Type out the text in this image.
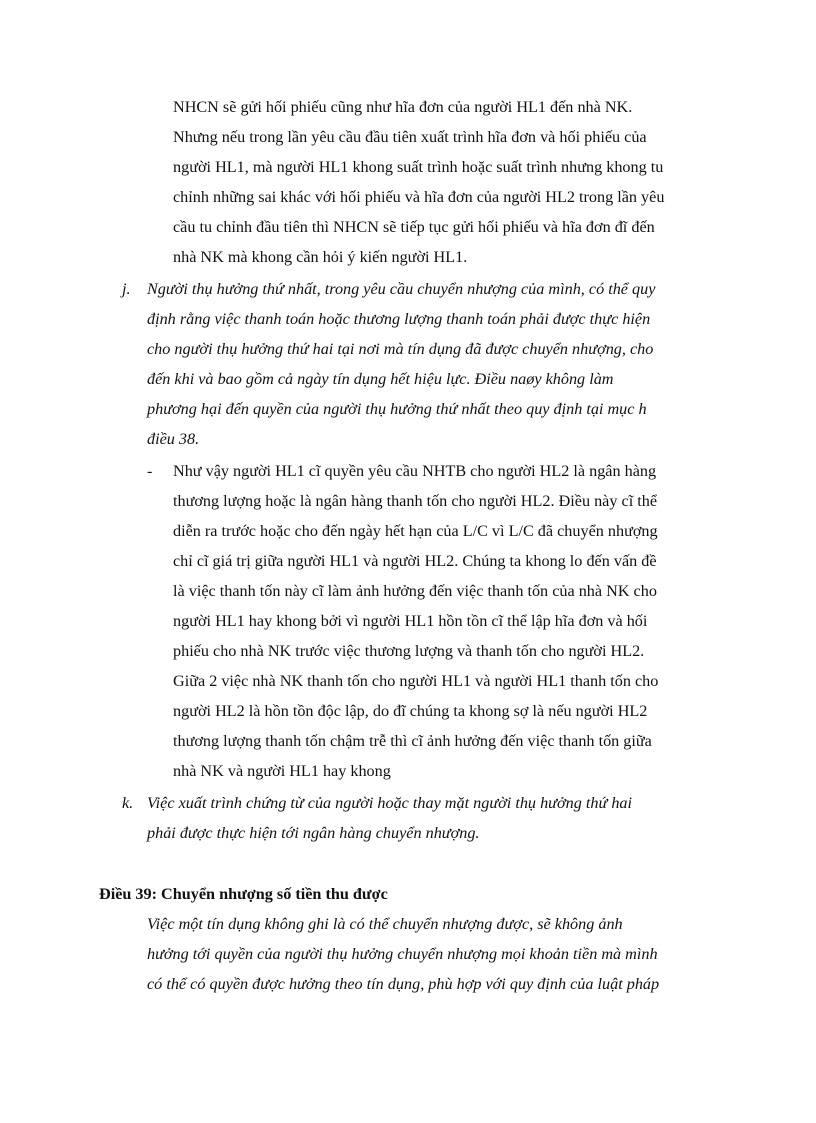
NHCN sẽ gửi hối phiếu cũng như hĩa đơn của người HL1 đến nhà NK.
Nhưng nếu trong lần yêu cầu đầu tiên xuất trình hĩa đơn và hối phiếu của
người HL1, mà người HL1 khong suất trình hoặc suất trình nhưng khong tu
chỉnh những sai khác với hối phiếu và hĩa đơn của người HL2 trong lần yêu
cầu tu chỉnh đầu tiên thì NHCN sẽ tiếp tục gửi hối phiếu và hĩa đơn đĩ đến
nhà NK mà khong cần hỏi ý kiến người HL1.
j. Người thụ hưởng thứ nhất, trong yêu cầu chuyển nhượng của mình, có thể quy
định rằng việc thanh toán hoặc thương lượng thanh toán phải được thực hiện
cho người thụ hưởng thứ hai tại nơi mà tín dụng đã được chuyển nhượng, cho
đến khi và bao gồm cả ngày tín dụng hết hiệu lực. Điều naøy không làm
phương hại đến quyền của người thụ hưởng thứ nhất theo quy định tại mục h
điều 38.
- Như vậy người HL1 cĩ quyền yêu cầu NHTB cho người HL2 là ngân hàng
thương lượng hoặc là ngân hàng thanh tốn cho người HL2. Điều này cĩ thể
diễn ra trước hoặc cho đến ngày hết hạn của L/C vì L/C đã chuyển nhượng
chỉ cĩ giá trị giữa người HL1 và người HL2. Chúng ta khong lo đến vấn đề
là việc thanh tốn này cĩ làm ảnh hưởng đến việc thanh tốn của nhà NK cho
người HL1 hay khong bởi vì người HL1 hồn tồn cĩ thể lập hĩa đơn và hối
phiếu cho nhà NK trước việc thương lượng và thanh tốn cho người HL2.
Giữa 2 việc nhà NK thanh tốn cho người HL1 và người HL1 thanh tốn cho
người HL2 là hồn tồn độc lập, do đĩ chúng ta khong sợ là nếu người HL2
thương lượng thanh tốn chậm trễ thì cĩ ảnh hưởng đến việc thanh tốn giữa
nhà NK và người HL1 hay khong
k. Việc xuất trình chứng từ của người hoặc thay mặt người thụ hưởng thứ hai
phải được thực hiện tới ngân hàng chuyển nhượng.
Điều 39: Chuyển nhượng số tiền thu được
Việc một tín dụng không ghi là có thể chuyển nhượng được, sẽ không ảnh
hưởng tới quyền của người thụ hưởng chuyển nhượng mọi khoản tiền mà mình
có thể có quyền được hưởng theo tín dụng, phù hợp với quy định của luật pháp
